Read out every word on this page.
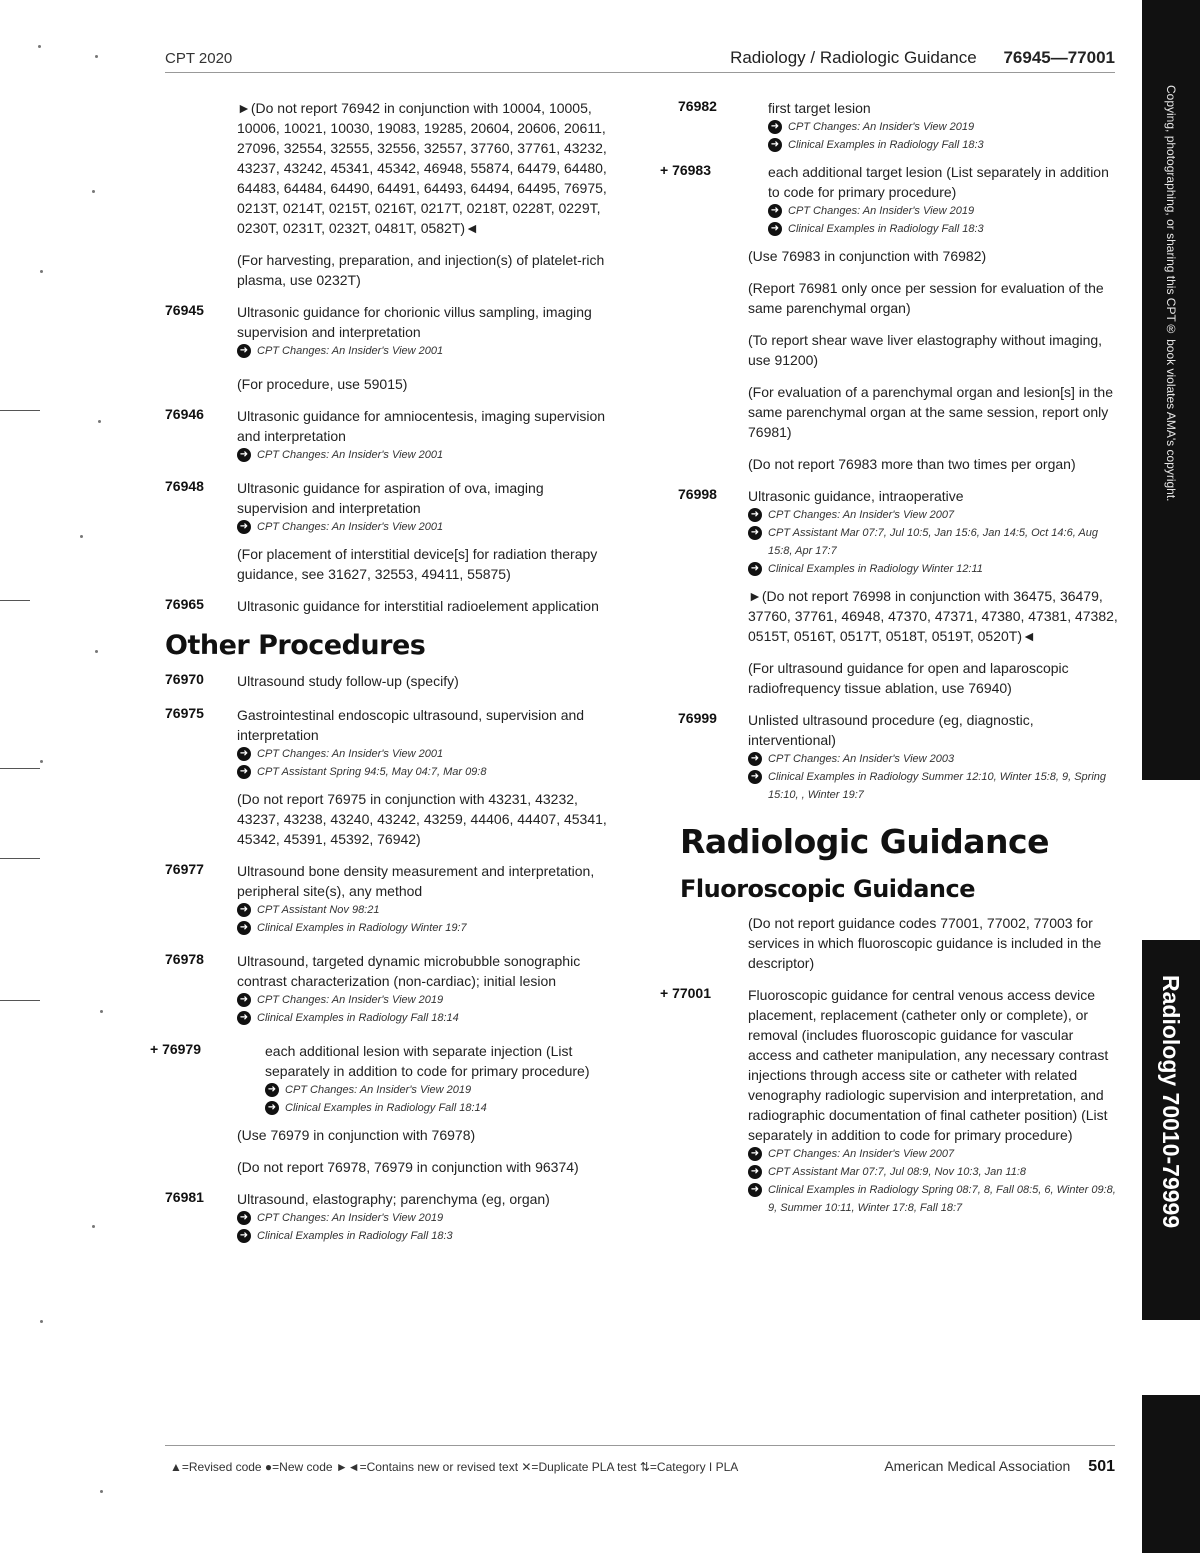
CPT 2020	Radiology / Radiologic Guidance 76945—77001
Copying, photographing, or sharing this CPT® book violates AMA's copyright.
Radiology 70010-79999
►(Do not report 76942 in conjunction with 10004, 10005, 10006, 10021, 10030, 19083, 19285, 20604, 20606, 20611, 27096, 32554, 32555, 32556, 32557, 37760, 37761, 43232, 43237, 43242, 45341, 45342, 46948, 55874, 64479, 64480, 64483, 64484, 64490, 64491, 64493, 64494, 64495, 76975, 0213T, 0214T, 0215T, 0216T, 0217T, 0218T, 0228T, 0229T, 0230T, 0231T, 0232T, 0481T, 0582T)◄
(For harvesting, preparation, and injection(s) of platelet-rich plasma, use 0232T)
76945 Ultrasonic guidance for chorionic villus sampling, imaging supervision and interpretation
➜ CPT Changes: An Insider's View 2001
(For procedure, use 59015)
76946 Ultrasonic guidance for amniocentesis, imaging supervision and interpretation
➜ CPT Changes: An Insider's View 2001
76948 Ultrasonic guidance for aspiration of ova, imaging supervision and interpretation
➜ CPT Changes: An Insider's View 2001
(For placement of interstitial device[s] for radiation therapy guidance, see 31627, 32553, 49411, 55875)
76965 Ultrasonic guidance for interstitial radioelement application
Other Procedures
76970 Ultrasound study follow-up (specify)
76975 Gastrointestinal endoscopic ultrasound, supervision and interpretation
➜ CPT Changes: An Insider's View 2001
➜ CPT Assistant Spring 94:5, May 04:7, Mar 09:8
(Do not report 76975 in conjunction with 43231, 43232, 43237, 43238, 43240, 43242, 43259, 44406, 44407, 45341, 45342, 45391, 45392, 76942)
76977 Ultrasound bone density measurement and interpretation, peripheral site(s), any method
➜ CPT Assistant Nov 98:21
➜ Clinical Examples in Radiology Winter 19:7
76978 Ultrasound, targeted dynamic microbubble sonographic contrast characterization (non-cardiac); initial lesion
➜ CPT Changes: An Insider's View 2019
➜ Clinical Examples in Radiology Fall 18:14
+ 76979	each additional lesion with separate injection (List separately in addition to code for primary procedure)
➜ CPT Changes: An Insider's View 2019
➜ Clinical Examples in Radiology Fall 18:14
(Use 76979 in conjunction with 76978)
(Do not report 76978, 76979 in conjunction with 96374)
76981 Ultrasound, elastography; parenchyma (eg, organ)
➜ CPT Changes: An Insider's View 2019
➜ Clinical Examples in Radiology Fall 18:3
76982	first target lesion
➜ CPT Changes: An Insider's View 2019
➜ Clinical Examples in Radiology Fall 18:3
+ 76983	each additional target lesion (List separately in addition to code for primary procedure)
➜ CPT Changes: An Insider's View 2019
➜ Clinical Examples in Radiology Fall 18:3
(Use 76983 in conjunction with 76982)
(Report 76981 only once per session for evaluation of the same parenchymal organ)
(To report shear wave liver elastography without imaging, use 91200)
(For evaluation of a parenchymal organ and lesion[s] in the same parenchymal organ at the same session, report only 76981)
(Do not report 76983 more than two times per organ)
76998 Ultrasonic guidance, intraoperative
➜ CPT Changes: An Insider's View 2007
➜ CPT Assistant Mar 07:7, Jul 10:5, Jan 15:6, Jan 14:5, Oct 14:6, Aug 15:8, Apr 17:7
➜ Clinical Examples in Radiology Winter 12:11
►(Do not report 76998 in conjunction with 36475, 36479, 37760, 37761, 46948, 47370, 47371, 47380, 47381, 47382, 0515T, 0516T, 0517T, 0518T, 0519T, 0520T)◄
(For ultrasound guidance for open and laparoscopic radiofrequency tissue ablation, use 76940)
76999 Unlisted ultrasound procedure (eg, diagnostic, interventional)
➜ CPT Changes: An Insider's View 2003
➜ Clinical Examples in Radiology Summer 12:10, Winter 15:8, 9, Spring 15:10, , Winter 19:7
Radiologic Guidance
Fluoroscopic Guidance
(Do not report guidance codes 77001, 77002, 77003 for services in which fluoroscopic guidance is included in the descriptor)
+ 77001	Fluoroscopic guidance for central venous access device placement, replacement (catheter only or complete), or removal (includes fluoroscopic guidance for vascular access and catheter manipulation, any necessary contrast injections through access site or catheter with related venography radiologic supervision and interpretation, and radiographic documentation of final catheter position) (List separately in addition to code for primary procedure)
➜ CPT Changes: An Insider's View 2007
➜ CPT Assistant Mar 07:7, Jul 08:9, Nov 10:3, Jan 11:8
➜ Clinical Examples in Radiology Spring 08:7, 8, Fall 08:5, 6, Winter 09:8, 9, Summer 10:11, Winter 17:8, Fall 18:7
▲=Revised code ●=New code ►◄=Contains new or revised text ✕=Duplicate PLA test ⇅=Category I PLA	American Medical Association 501
